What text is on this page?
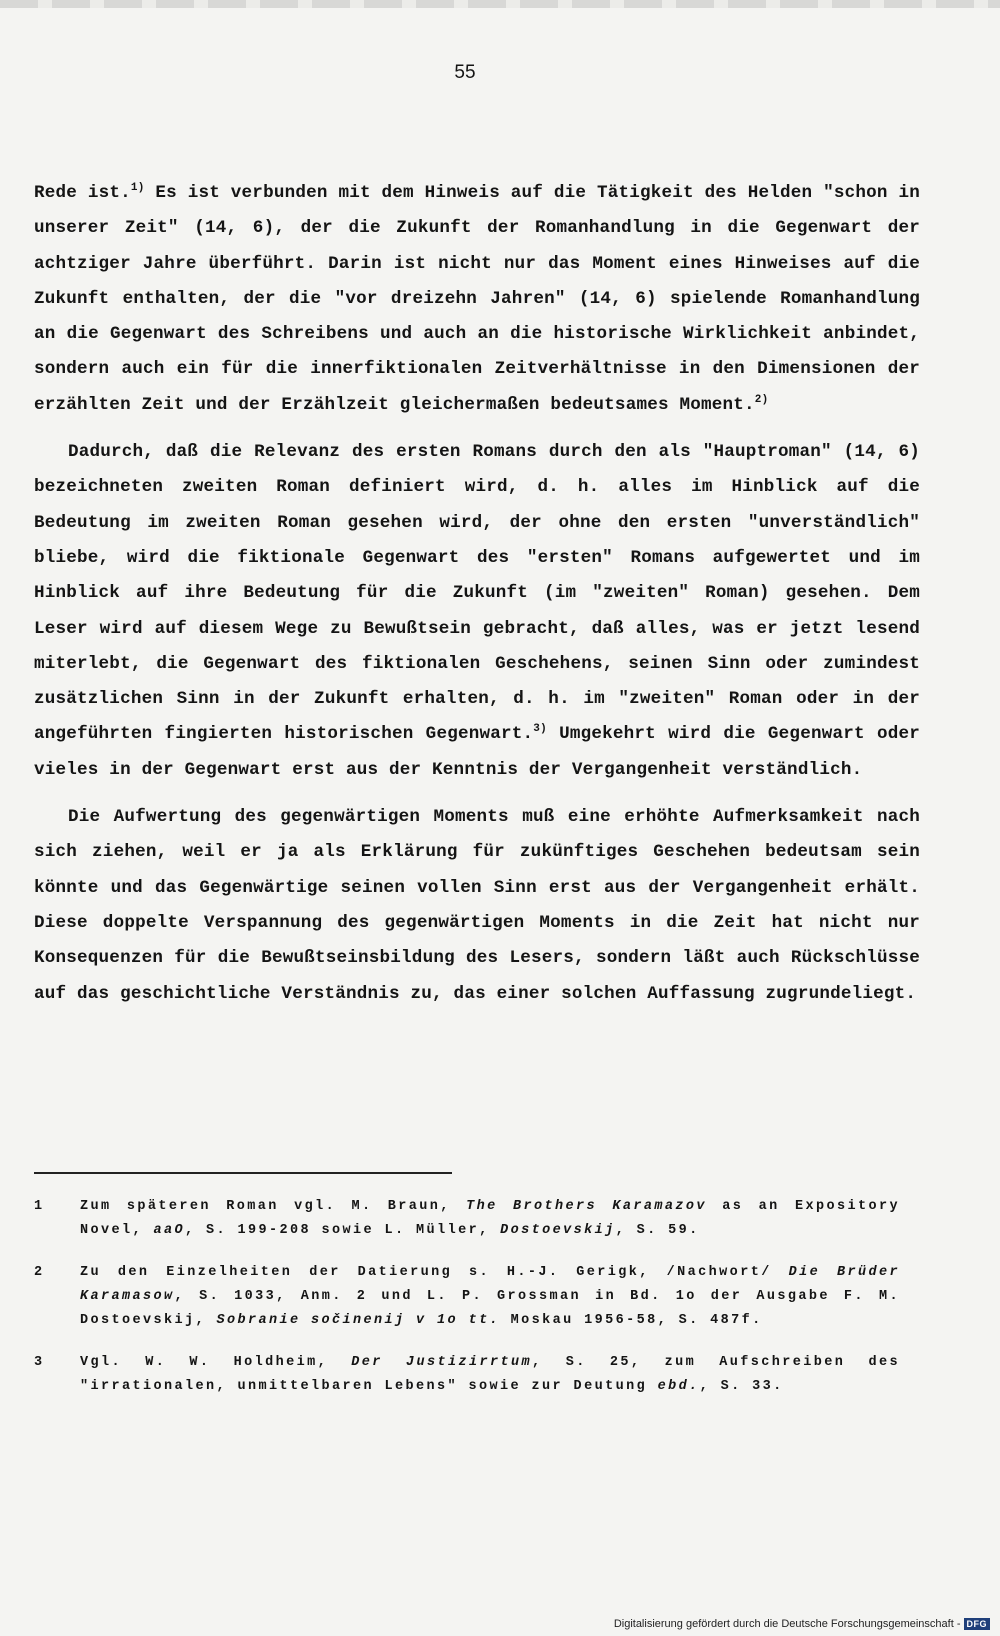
55

Rede ist.$^{1)}$ Es ist verbunden mit dem Hinweis auf die Tätigkeit des Helden "schon in unserer Zeit" (14, 6), der die Zukunft der Romanhandlung in die Gegenwart der achtziger Jahre überführt. Darin ist nicht nur das Moment eines Hinweises auf die Zukunft enthalten, der die "vor dreizehn Jahren" (14, 6) spielende Romanhandlung an die Gegenwart des Schreibens und auch an die historische Wirklichkeit anbindet, sondern auch ein für die innerfiktionalen Zeitverhältnisse in den Dimensionen der erzählten Zeit und der Erzählzeit gleichermaßen bedeutsames Moment.$^{2)}$

Dadurch, daß die Relevanz des ersten Romans durch den als "Hauptroman" (14, 6) bezeichneten zweiten Roman definiert wird, d. h. alles im Hinblick auf die Bedeutung im zweiten Roman gesehen wird, der ohne den ersten "unverständlich" bliebe, wird die fiktionale Gegenwart des "ersten" Romans aufgewertet und im Hinblick auf ihre Bedeutung für die Zukunft (im "zweiten" Roman) gesehen. Dem Leser wird auf diesem Wege zu Bewußtsein gebracht, daß alles, was er jetzt lesend miterlebt, die Gegenwart des fiktionalen Geschehens, seinen Sinn oder zumindest zusätzlichen Sinn in der Zukunft erhalten, d. h. im "zweiten" Roman oder in der angeführten fingierten historischen Gegenwart.$^{3)}$ Umgekehrt wird die Gegenwart oder vieles in der Gegenwart erst aus der Kenntnis der Vergangenheit verständlich.

Die Aufwertung des gegenwärtigen Moments muß eine erhöhte Aufmerksamkeit nach sich ziehen, weil er ja als Erklärung für zukünftiges Geschehen bedeutsam sein könnte und das Gegenwärtige seinen vollen Sinn erst aus der Vergangenheit erhält. Diese doppelte Verspannung des gegenwärtigen Moments in die Zeit hat nicht nur Konsequenzen für die Bewußtseinsbildung des Lesers, sondern läßt auch Rückschlüsse auf das geschichtliche Verständnis zu, das einer solchen Auffassung zugrundeliegt.

1	Zum späteren Roman vgl. M. Braun, The Brothers Karamazov as an Expository Novel, aaO, S. 199-208 sowie L. Müller, Dostoevskij, S. 59.
2	Zu den Einzelheiten der Datierung s. H.-J. Gerigk, /Nachwort/ Die Brüder Karamasow, S. 1033, Anm. 2 und L. P. Grossman in Bd. 1o der Ausgabe F. M. Dostoevskij, Sobranie sočinenij v 1o tt. Moskau 1956-58, S. 487f.
3	Vgl. W. W. Holdheim, Der Justizirrtum, S. 25, zum Aufschreiben des "irrationalen, unmittelbaren Lebens" sowie zur Deutung ebd., S. 33.
Digitalisierung gefördert durch die Deutsche Forschungsgemeinschaft - DFG
